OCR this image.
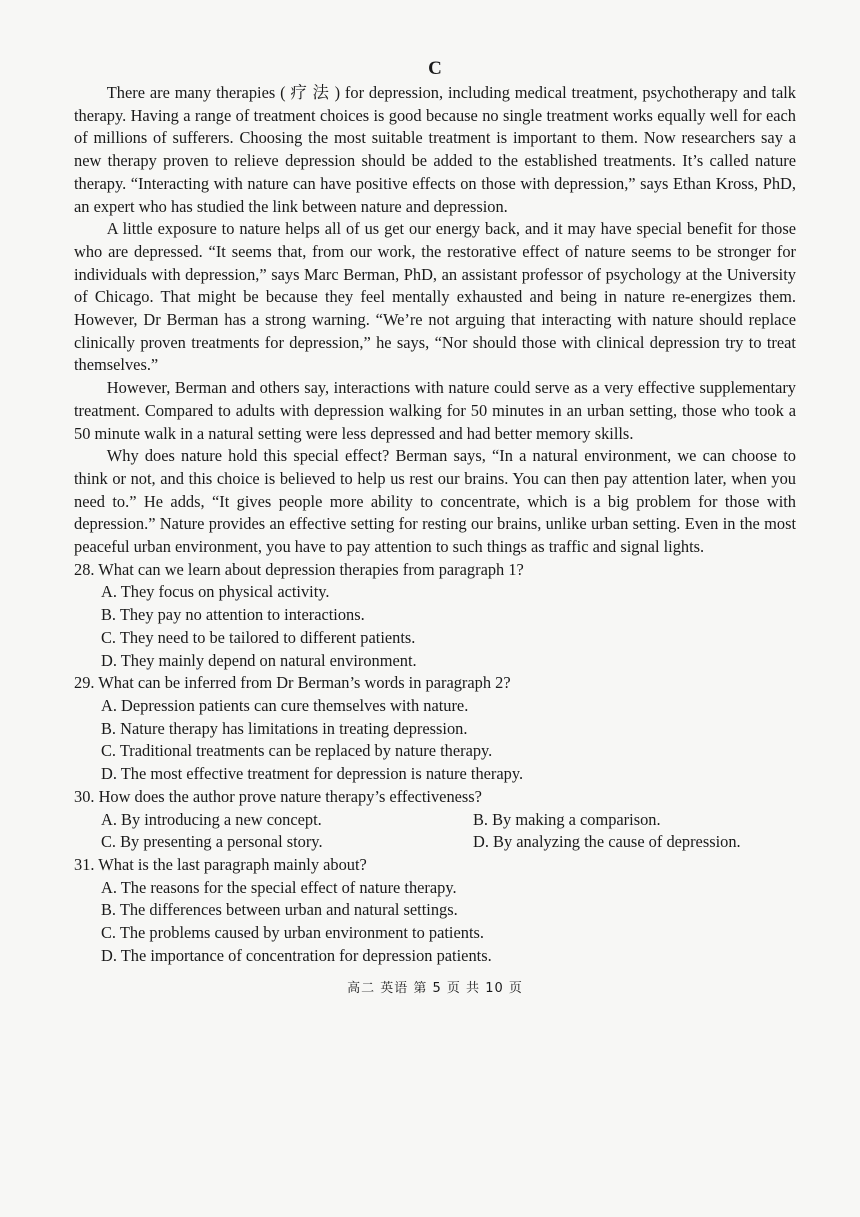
C

There are many therapies ( 疗 法 ) for depression, including medical treatment, psychotherapy and talk therapy. Having a range of treatment choices is good because no single treatment works equally well for each of millions of sufferers. Choosing the most suitable treatment is important to them. Now researchers say a new therapy proven to relieve depression should be added to the established treatments. It’s called nature therapy. “Interacting with nature can have positive effects on those with depression,” says Ethan Kross, PhD, an expert who has studied the link between nature and depression.

A little exposure to nature helps all of us get our energy back, and it may have special benefit for those who are depressed. “It seems that, from our work, the restorative effect of nature seems to be stronger for individuals with depression,” says Marc Berman, PhD, an assistant professor of psychology at the University of Chicago. That might be because they feel mentally exhausted and being in nature re-energizes them. However, Dr Berman has a strong warning. “We’re not arguing that interacting with nature should replace clinically proven treatments for depression,” he says, “Nor should those with clinical depression try to treat themselves.”

However, Berman and others say, interactions with nature could serve as a very effective supplementary treatment. Compared to adults with depression walking for 50 minutes in an urban setting, those who took a 50 minute walk in a natural setting were less depressed and had better memory skills.

Why does nature hold this special effect? Berman says, “In a natural environment, we can choose to think or not, and this choice is believed to help us rest our brains. You can then pay attention later, when you need to.” He adds, “It gives people more ability to concentrate, which is a big problem for those with depression.” Nature provides an effective setting for resting our brains, unlike urban setting. Even in the most peaceful urban environment, you have to pay attention to such things as traffic and signal lights.

28. What can we learn about depression therapies from paragraph 1?

A. They focus on physical activity.

B. They pay no attention to interactions.

C. They need to be tailored to different patients.

D. They mainly depend on natural environment.

29. What can be inferred from Dr Berman’s words in paragraph 2?

A. Depression patients can cure themselves with nature.

B. Nature therapy has limitations in treating depression.

C. Traditional treatments can be replaced by nature therapy.

D. The most effective treatment for depression is nature therapy.

30. How does the author prove nature therapy’s effectiveness?

A. By introducing a new concept.	B. By making a comparison.

C. By presenting a personal story.	D. By analyzing the cause of depression.

31. What is the last paragraph mainly about?

A. The reasons for the special effect of nature therapy.

B. The differences between urban and natural settings.

C. The problems caused by urban environment to patients.

D. The importance of concentration for depression patients.

高二 英语 第 5 页 共 10 页
